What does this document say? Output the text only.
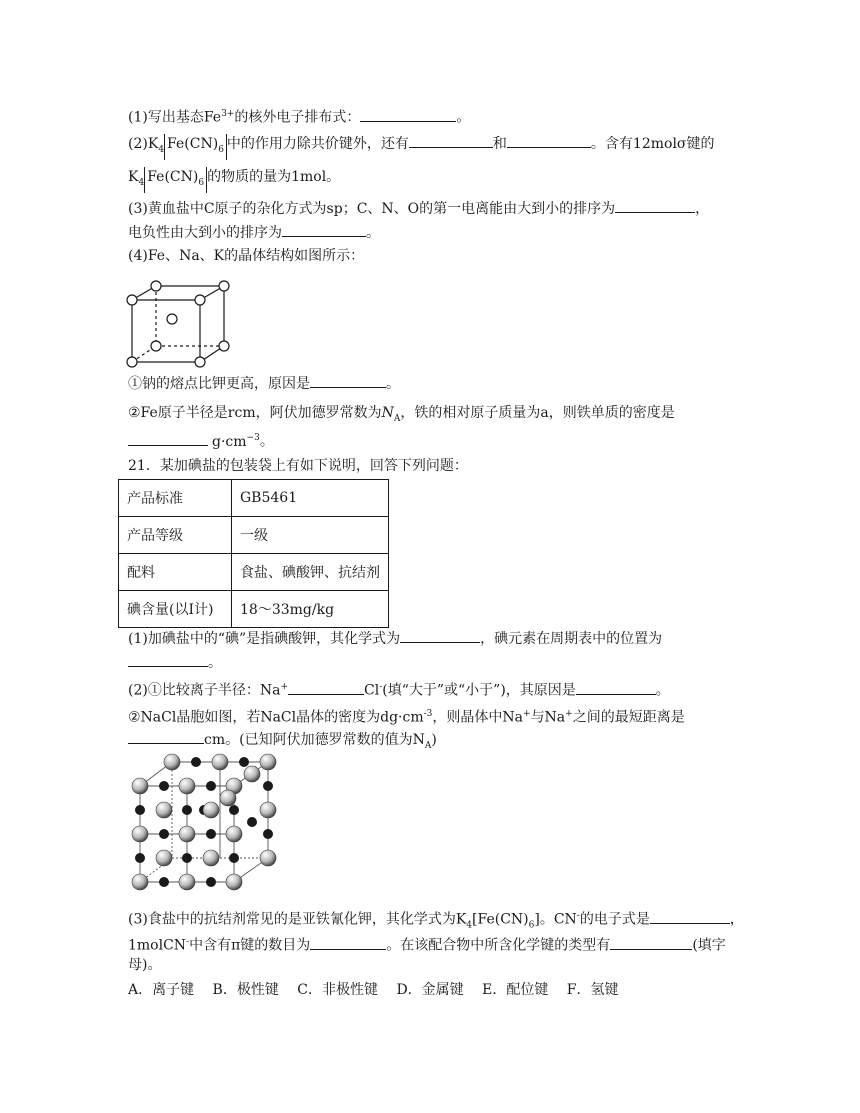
(1)写出基态$Fe^{3+}$的核外电子排布式：	。
$(2)K_4$ $Fe(CN)_6$ 中的作用力除共价键外，还有	和	。含有12molσ键的
$K_4$ $Fe(CN)_6$ 的物质的量为1mol。
(3)黄血盐中C原子的杂化方式为sp；C、N、O的第一电离能由大到小的排序为	，
电负性由大到小的排序为	。
(4)Fe、Na、K的晶体结构如图所示：
①钠的熔点比钾更高，原因是	。
②Fe原子半径是rcm，阿伏加德罗常数为$N_A$，铁的相对原子质量为a，则铁单质的密度是
$g\cdot cm^{-3}$。
21．某加碘盐的包装袋上有如下说明，回答下列问题：
产品标准	GB5461
产品等级	一级
配料	食盐、碘酸钾、抗结剂
碘含量(以I计)	18～33mg/kg
(1)加碘盐中的“碘”是指碘酸钾，其化学式为	，碘元素在周期表中的位置为
。
(2)①比较离子半径：Na+	Cl-(填“大于”或“小于”)，其原因是	。
②NaCl晶胞如图，若NaCl晶体的密度为$dg\cdot cm^{-3}$，则晶体中Na+与Na+之间的最短距离是
cm。(已知阿伏加德罗常数的值为$N_A$)
(3)食盐中的抗结剂常见的是亚铁氰化钾，其化学式为$K_4[Fe(CN)_6]$。CN-的电子式是	，
1molCN-中含有π键的数目为	。在该配合物中所含化学键的类型有	(填字
母)。
A．离子键　 B．极性键　 C．非极性键　 D．金属键　 E．配位键　 F．氢键
